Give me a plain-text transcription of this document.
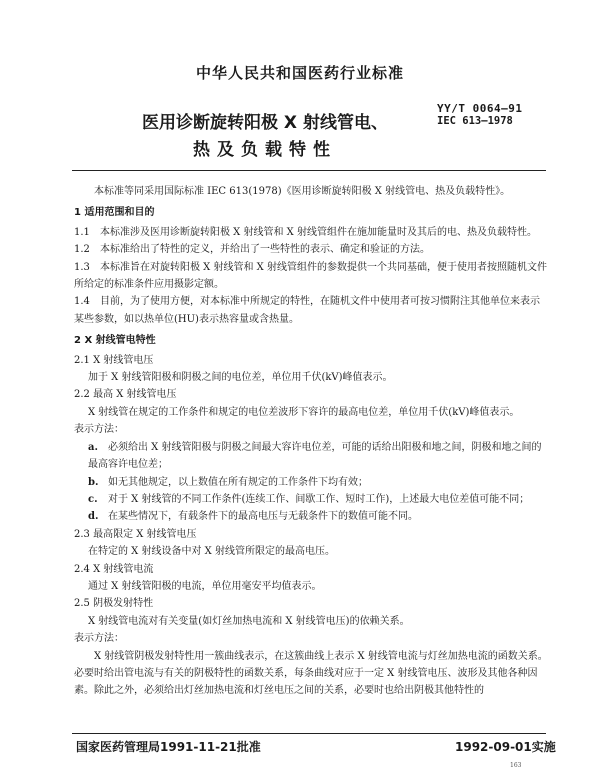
中华人民共和国医药行业标准
医用诊断旋转阳极 X 射线管电、
热及负载特性
YY/T 0064—91
IEC 613—1978

本标准等同采用国际标准 IEC 613(1978)《医用诊断旋转阳极 X 射线管电、热及负载特性》。

1 适用范围和目的

1.1 本标准涉及医用诊断旋转阳极 X 射线管和 X 射线管组件在施加能量时及其后的电、热及负载特性。

1.2 本标准给出了特性的定义，并给出了一些特性的表示、确定和验证的方法。

1.3 本标准旨在对旋转阳极 X 射线管和 X 射线管组件的参数提供一个共同基础，便于使用者按照随机文件所给定的标准条件应用摄影定额。

1.4 目前，为了使用方便，对本标准中所规定的特性，在随机文件中使用者可按习惯附注其他单位来表示某些参数，如以热单位(HU)表示热容量或含热量。

2 X 射线管电特性

2.1 X 射线管电压

加于 X 射线管阳极和阴极之间的电位差，单位用千伏(kV)峰值表示。

2.2 最高 X 射线管电压

X 射线管在规定的工作条件和规定的电位差波形下容许的最高电位差，单位用千伏(kV)峰值表示。

表示方法：

a. 必须给出 X 射线管阳极与阴极之间最大容许电位差，可能的话给出阳极和地之间，阴极和地之间的最高容许电位差；

b. 如无其他规定，以上数值在所有规定的工作条件下均有效；

c. 对于 X 射线管的不同工作条件(连续工作、间歇工作、短时工作)，上述最大电位差值可能不同；

d. 在某些情况下，有载条件下的最高电压与无载条件下的数值可能不同。

2.3 最高限定 X 射线管电压

在特定的 X 射线设备中对 X 射线管所限定的最高电压。

2.4 X 射线管电流

通过 X 射线管阳极的电流，单位用毫安平均值表示。

2.5 阴极发射特性

X 射线管电流对有关变量(如灯丝加热电流和 X 射线管电压)的依赖关系。

表示方法：

X 射线管阴极发射特性用一簇曲线表示，在这簇曲线上表示 X 射线管电流与灯丝加热电流的函数关系。必要时给出管电流与有关的阴极特性的函数关系，每条曲线对应于一定 X 射线管电压、波形及其他各种因素。除此之外，必须给出灯丝加热电流和灯丝电压之间的关系，必要时也给出阴极其他特性的

国家医药管理局1991-11-21批准	1992-09-01实施
163
